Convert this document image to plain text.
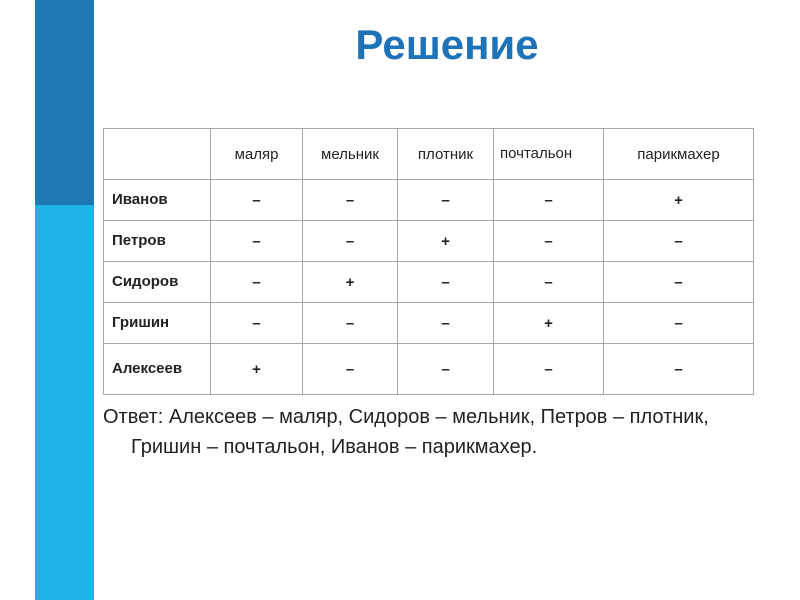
Решение
	маляр	мельник	плотник	почтальон	парикмахер
Иванов	–	–	–	–	+
Петров	–	–	+	–	–
Сидоров	–	+	–	–	–
Гришин	–	–	–	+	–
Алексеев	+	–	–	–	–
Ответ: Алексеев – маляр, Сидоров – мельник, Петров – плотник, Гришин – почтальон, Иванов – парикмахер.
